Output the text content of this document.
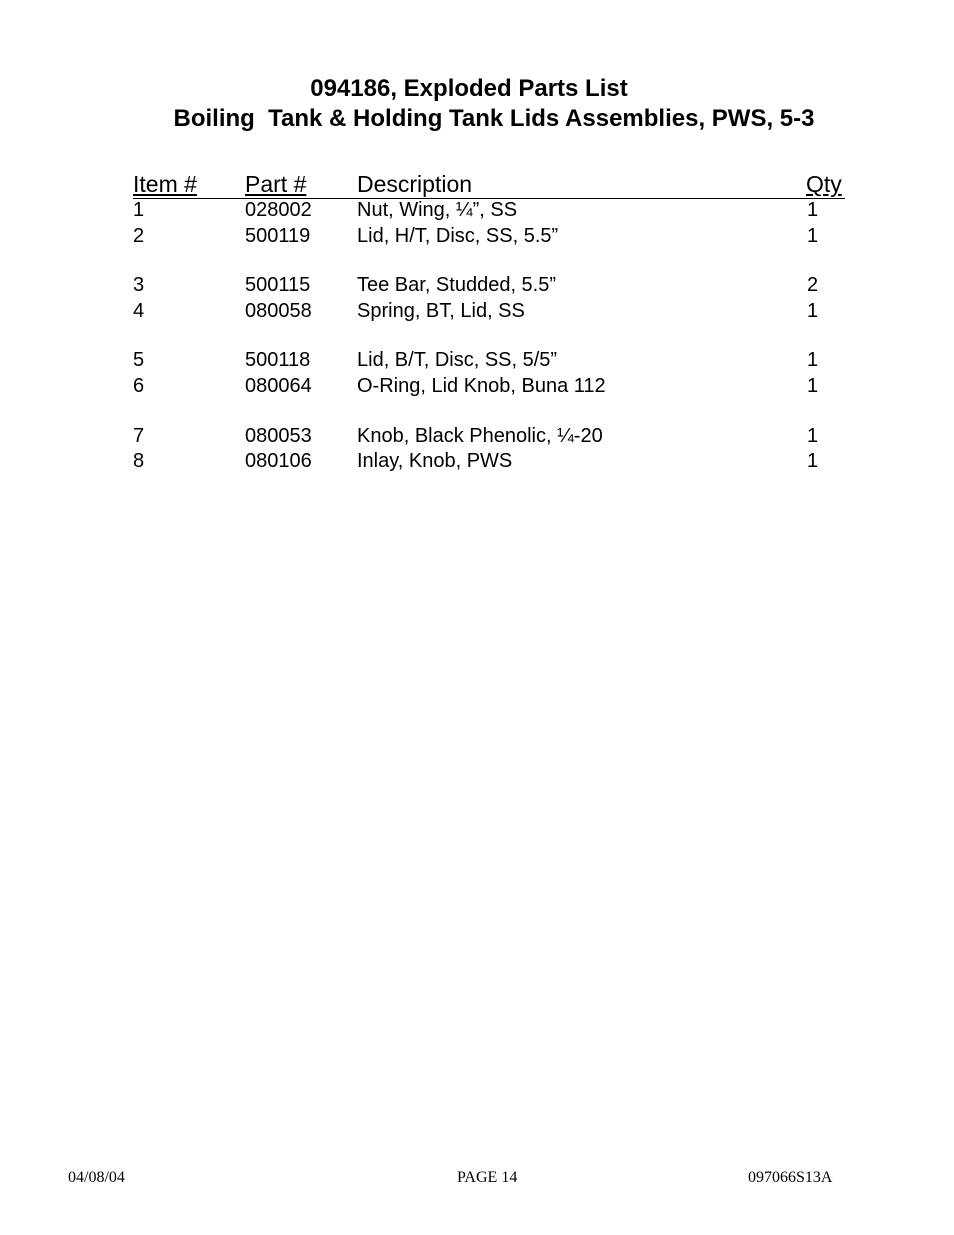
094186, Exploded Parts List
Boiling  Tank & Holding Tank Lids Assemblies, PWS, 5-3
Item # Part # Description	Qty
1	028002 Nut, Wing, ¼”, SS	1
2	500119 Lid, H/T, Disc, SS, 5.5”	1
3	500115 Tee Bar, Studded, 5.5”	2
4	080058 Spring, BT, Lid, SS	1
5	500118 Lid, B/T, Disc, SS, 5/5”	1
6	080064 O-Ring, Lid Knob, Buna 112	1
7	080053 Knob, Black Phenolic, ¼-20	1
8	080106 Inlay, Knob, PWS	1
04/08/04	PAGE 14	097066S13A
